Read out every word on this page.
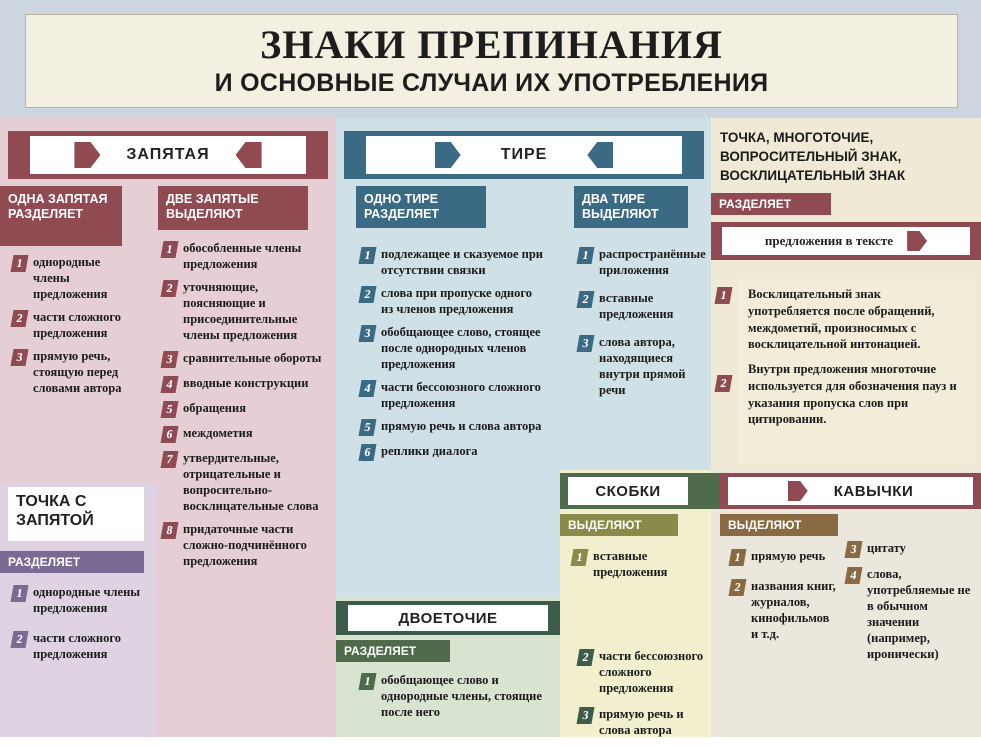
ЗНАКИ ПРЕПИНАНИЯ
И ОСНОВНЫЕ СЛУЧАИ ИХ УПОТРЕБЛЕНИЯ
ЗАПЯТАЯ
ОДНА ЗАПЯТАЯ РАЗДЕЛЯЕТ
1 однородные члены предложения
2 части сложного предложения
3 прямую речь, стоящую перед словами автора
ДВЕ ЗАПЯТЫЕ ВЫДЕЛЯЮТ
1 обособленные члены предложения
2 уточняющие, поясняющие и присоединительные члены предложения
3 сравнительные обороты
4 вводные конструкции
5 обращения
6 междометия
7 утвердительные, отрицательные и вопросительно-восклицательные слова
8 придаточные части сложно-подчинённого предложения
ТОЧКА С ЗАПЯТОЙ
РАЗДЕЛЯЕТ
1 однородные члены предложения
2 части сложного предложения
ТИРЕ
ОДНО ТИРЕ РАЗДЕЛЯЕТ
1 подлежащее и сказуемое при отсутствии связки
2 слова при пропуске одного из членов предложения
3 обобщающее слово, стоящее после однородных членов предложения
4 части бессоюзного сложного предложения
5 прямую речь и слова автора
6 реплики диалога
ДВА ТИРЕ ВЫДЕЛЯЮТ
1 распространённые приложения
2 вставные предложения
3 слова автора, находящиеся внутри прямой речи
ДВОЕТОЧИЕ
РАЗДЕЛЯЕТ
1 обобщающее слово и однородные члены, стоящие после него
СКОБКИ
ВЫДЕЛЯЮТ
1 вставные предложения
2 части бессоюзного сложного предложения
3 прямую речь и слова автора
КАВЫЧКИ
ВЫДЕЛЯЮТ
1 прямую речь
2 названия книг, журналов, кинофильмов и т.д.
3 цитату
4 слова, употребляемые не в обычном значении (например, иронически)
ТОЧКА, МНОГОТОЧИЕ, ВОПРОСИТЕЛЬНЫЙ ЗНАК, ВОСКЛИЦАТЕЛЬНЫЙ ЗНАК
РАЗДЕЛЯЕТ
предложения в тексте

Восклицательный знак употребляется после обращений, междометий, произносимых с восклицательной интонацией.

Внутри предложения многоточие используется для обозначения пауз и указания пропуска слов при цитировании.

1
2
